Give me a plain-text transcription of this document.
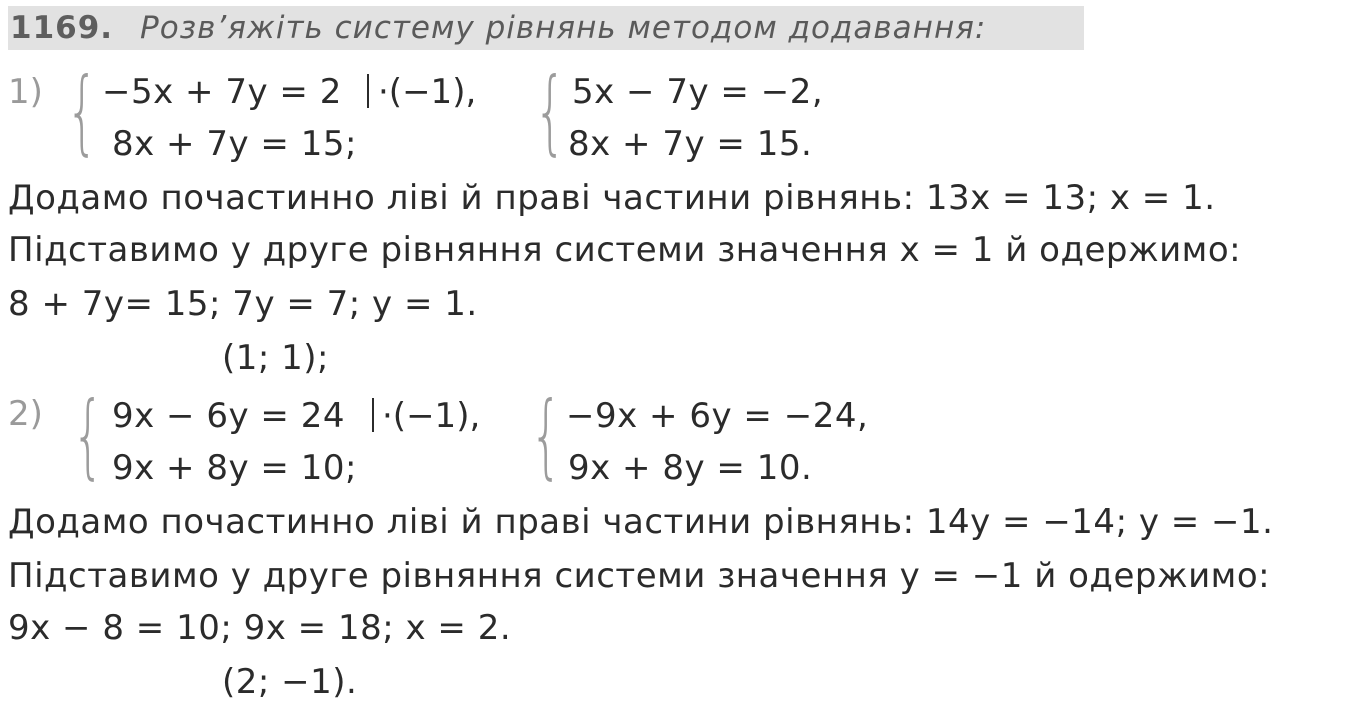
1169. Розв’яжіть систему рівнянь методом додавання:
1) { −5x + 7y = 2 ·(−1),
8x + 7y = 15; { 5x − 7y = −2,
8x + 7y = 15.
Додамо почастинно ліві й праві частини рівнянь: 13x = 13; x = 1.
Підставимо у друге рівняння системи значення x = 1 й одержимо:
8 + 7y= 15; 7y = 7; y = 1.
(1; 1);
2) { 9x − 6y = 24 ·(−1),
9x + 8y = 10; { −9x + 6y = −24,
9x + 8y = 10.
Додамо почастинно ліві й праві частини рівнянь: 14y = −14; y = −1.
Підставимо у друге рівняння системи значення y = −1 й одержимо:
9x − 8 = 10; 9x = 18; x = 2.
(2; −1).
